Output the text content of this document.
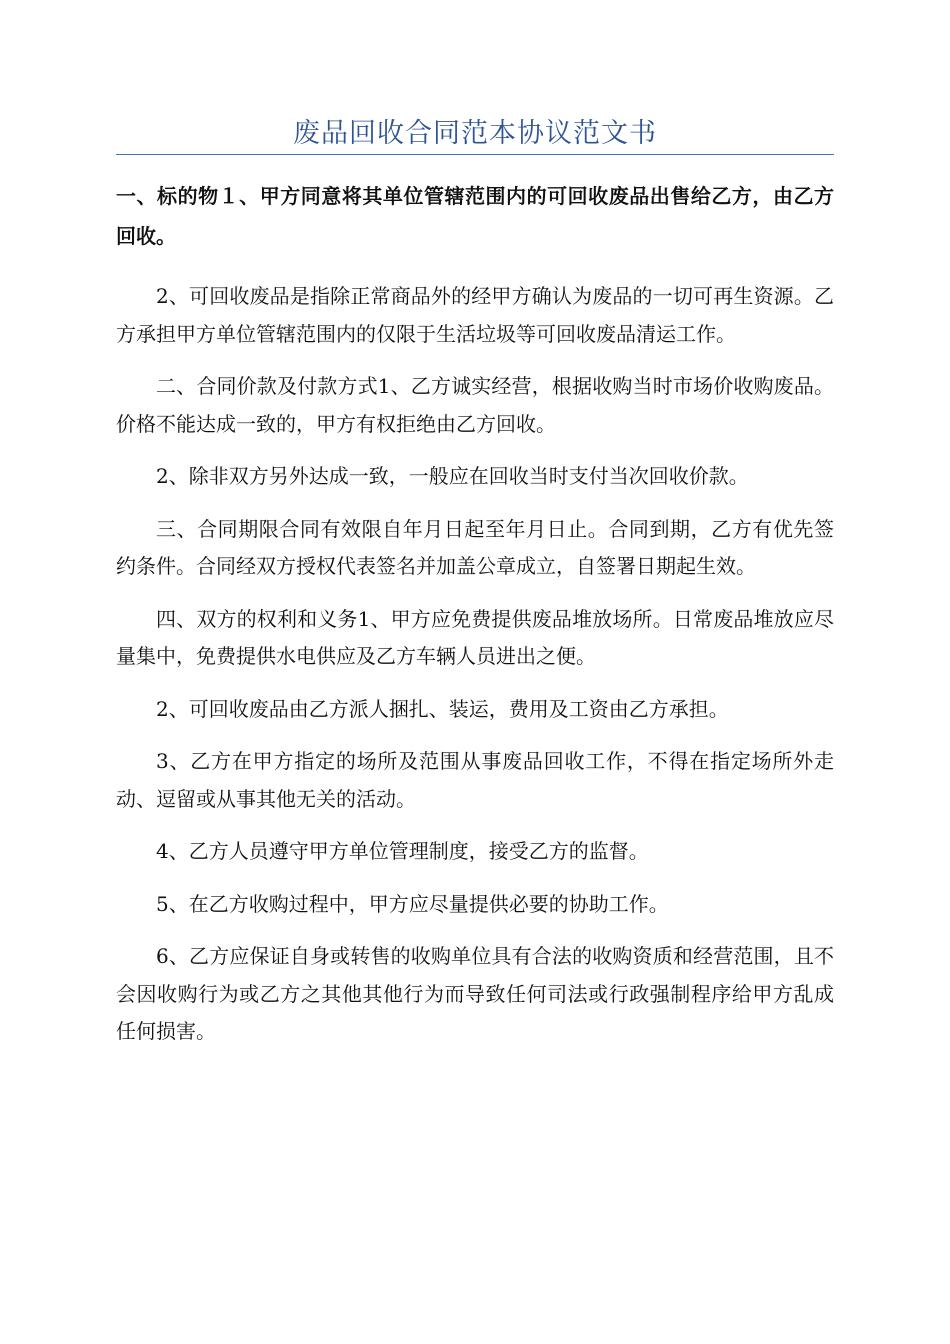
废品回收合同范本协议范文书

一、标的物１、甲方同意将其单位管辖范围内的可回收废品出售给乙方，由乙方回收。

2、可回收废品是指除正常商品外的经甲方确认为废品的一切可再生资源。乙方承担甲方单位管辖范围内的仅限于生活垃圾等可回收废品清运工作。

二、合同价款及付款方式1、乙方诚实经营，根据收购当时市场价收购废品。价格不能达成一致的，甲方有权拒绝由乙方回收。

2、除非双方另外达成一致，一般应在回收当时支付当次回收价款。

三、合同期限合同有效限自年月日起至年月日止。合同到期，乙方有优先签约条件。合同经双方授权代表签名并加盖公章成立，自签署日期起生效。

四、双方的权利和义务1、甲方应免费提供废品堆放场所。日常废品堆放应尽量集中，免费提供水电供应及乙方车辆人员进出之便。

2、可回收废品由乙方派人捆扎、装运，费用及工资由乙方承担。

3、乙方在甲方指定的场所及范围从事废品回收工作，不得在指定场所外走动、逗留或从事其他无关的活动。

4、乙方人员遵守甲方单位管理制度，接受乙方的监督。

5、在乙方收购过程中，甲方应尽量提供必要的协助工作。

6、乙方应保证自身或转售的收购单位具有合法的收购资质和经营范围，且不会因收购行为或乙方之其他其他行为而导致任何司法或行政强制程序给甲方乱成任何损害。
